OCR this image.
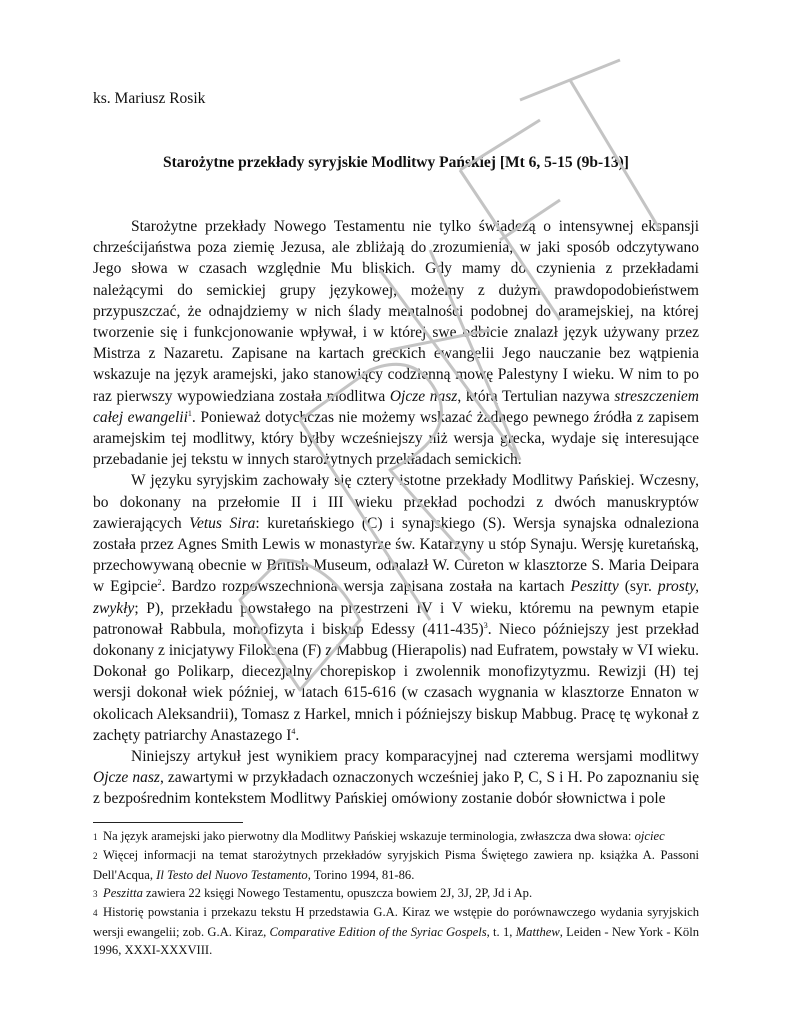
ks. Mariusz Rosik

Starożytne przekłady syryjskie Modlitwy Pańskiej [Mt 6, 5-15 (9b-13)]

Starożytne przekłady Nowego Testamentu nie tylko świadczą o intensywnej ekspansji chrześcijaństwa poza ziemię Jezusa, ale zbliżają do zrozumienia, w jaki sposób odczytywano Jego słowa w czasach względnie Mu bliskich. Gdy mamy do czynienia z przekładami należącymi do semickiej grupy językowej, możemy z dużym prawdopodobieństwem przypuszczać, że odnajdziemy w nich ślady mentalności podobnej do aramejskiej, na której tworzenie się i funkcjonowanie wpływał, i w której swe odbicie znalazł język używany przez Mistrza z Nazaretu. Zapisane na kartach greckich ewangelii Jego nauczanie bez wątpienia wskazuje na język aramejski, jako stanowiący codzienną mowę Palestyny I wieku. W nim to po raz pierwszy wypowiedziana została modlitwa Ojcze nasz, którą Tertulian nazywa streszczeniem całej ewangelii$^1$. Ponieważ dotychczas nie możemy wskazać żadnego pewnego źródła z zapisem aramejskim tej modlitwy, który byłby wcześniejszy niż wersja grecka, wydaje się interesujące przebadanie jej tekstu w innych starożytnych przekładach semickich.

W języku syryjskim zachowały się cztery istotne przekłady Modlitwy Pańskiej. Wczesny, bo dokonany na przełomie II i III wieku przekład pochodzi z dwóch manuskryptów zawierających Vetus Sira: kuretańskiego (C) i synajskiego (S). Wersja synajska odnaleziona została przez Agnes Smith Lewis w monastyrze św. Katarzyny u stóp Synaju. Wersję kuretańską, przechowywaną obecnie w British Museum, odnalazł W. Cureton w klasztorze S. Maria Deipara w Egipcie$^2$. Bardzo rozpowszechniona wersja zapisana została na kartach Peszitty (syr. prosty, zwykły; P), przekładu powstałego na przestrzeni IV i V wieku, któremu na pewnym etapie patronował Rabbula, monofizyta i biskup Edessy (411-435)$^3$. Nieco późniejszy jest przekład dokonany z inicjatywy Filoksena (F) z Mabbug (Hierapolis) nad Eufratem, powstały w VI wieku. Dokonał go Polikarp, diecezjalny chorepiskop i zwolennik monofizytyzmu. Rewizji (H) tej wersji dokonał wiek później, w latach 615-616 (w czasach wygnania w klasztorze Ennaton w okolicach Aleksandrii), Tomasz z Harkel, mnich i późniejszy biskup Mabbug. Pracę tę wykonał z zachęty patriarchy Anastazego I$^4$.

Niniejszy artykuł jest wynikiem pracy komparacyjnej nad czterema wersjami modlitwy Ojcze nasz, zawartymi w przykładach oznaczonych wcześniej jako P, C, S i H. Po zapoznaniu się z bezpośrednim kontekstem Modlitwy Pańskiej omówiony zostanie dobór słownictwa i pole

1 Na język aramejski jako pierwotny dla Modlitwy Pańskiej wskazuje terminologia, zwłaszcza dwa słowa: ojciec

2 Więcej informacji na temat starożytnych przekładów syryjskich Pisma Świętego zawiera np. książka A. Passoni Dell'Acqua, Il Testo del Nuovo Testamento, Torino 1994, 81-86.

3 Peszitta zawiera 22 księgi Nowego Testamentu, opuszcza bowiem 2J, 3J, 2P, Jd i Ap.

4 Historię powstania i przekazu tekstu H przedstawia G.A. Kiraz we wstępie do porównawczego wydania syryjskich wersji ewangelii; zob. G.A. Kiraz, Comparative Edition of the Syriac Gospels, t. 1, Matthew, Leiden - New York - Köln 1996, XXXI-XXXVIII.
